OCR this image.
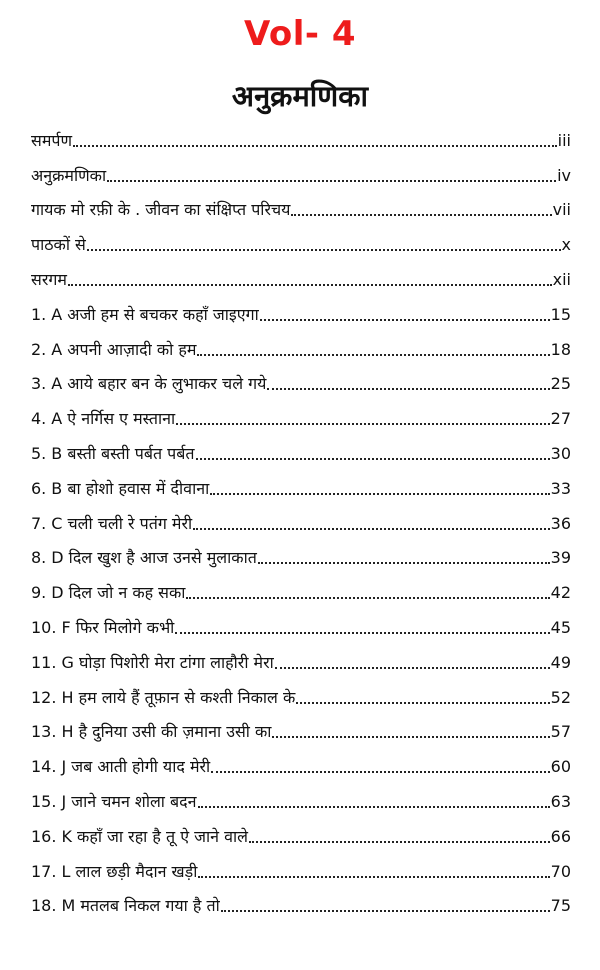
Vol- 4
अनुक्रमणिका
समर्पण	iii
अनुक्रमणिका	iv
गायक मो रफ़ी के . जीवन का संक्षिप्त परिचय	vii
पाठकों से	x
सरगम	xii
1. A अजी हम से बचकर कहाँ जाइएगा	15
2. A अपनी आज़ादी को हम	18
3. A आये बहार बन के लुभाकर चले गये	25
4. A ऐ नर्गिस ए मस्ताना	27
5. B बस्ती बस्ती पर्बत पर्बत	30
6. B बा होशो हवास में दीवाना	33
7. C चली चली रे पतंग मेरी	36
8. D दिल खुश है आज उनसे मुलाकात	39
9. D दिल जो न कह सका	42
10. F फिर मिलोगे कभी	45
11. G घोड़ा पिशोरी मेरा टांगा लाहौरी मेरा	49
12. H हम लाये हैं तूफ़ान से कश्ती निकाल के	52
13. H है दुनिया उसी की ज़माना उसी का	57
14. J जब आती होगी याद मेरी	60
15. J जाने चमन शोला बदन	63
16. K कहाँ जा रहा है तू ऐ जाने वाले	66
17. L लाल छड़ी मैदान खड़ी	70
18. M मतलब निकल गया है तो	75
